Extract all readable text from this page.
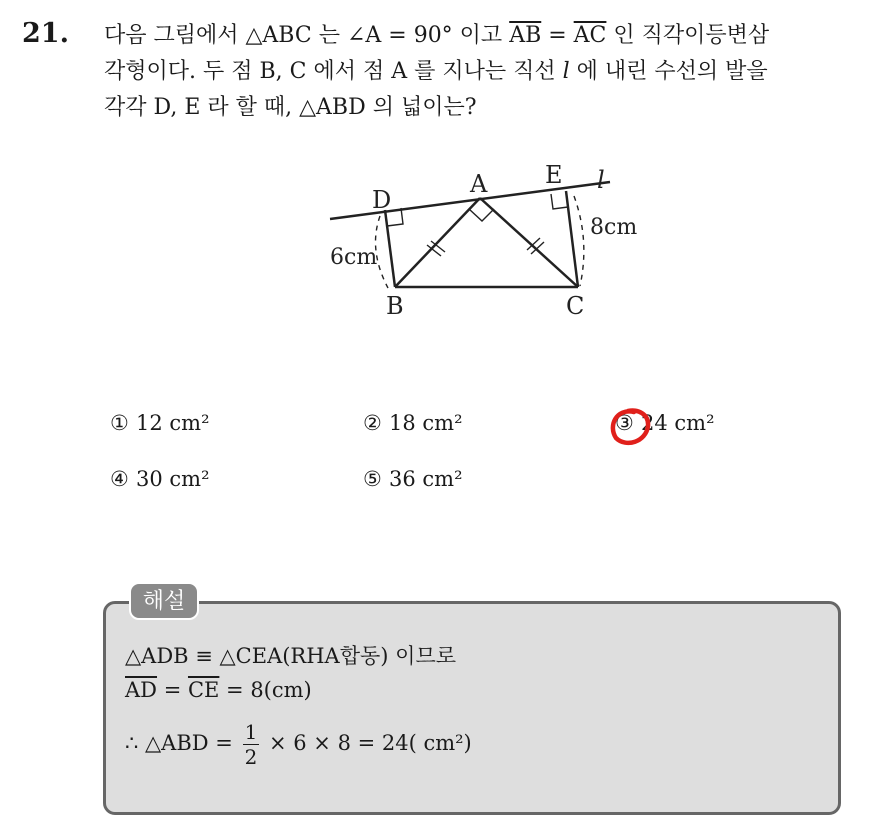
21. 다음 그림에서 △ABC 는 ∠A = 90° 이고 $\overline{AB} = \overline{AC}$ 인 직각이등변삼
각형이다. 두 점 B, C 에서 점 A 를 지나는 직선 l 에 내린 수선의 발을
각각 D, E 라 할 때, △ABD 의 넓이는?
D
A E l
B	C
6cm
8cm
① 12 cm²	② 18 cm²	③ 24 cm²
④ 30 cm²	⑤ 36 cm²
해설
△ADB ≡ △CEA(RHA합동) 이므로
$\overline{AD} = \overline{CE} = 8(cm)$
∴ △ABD = $\frac{1}{2} \times 6 \times 8 = 24$( cm²)
